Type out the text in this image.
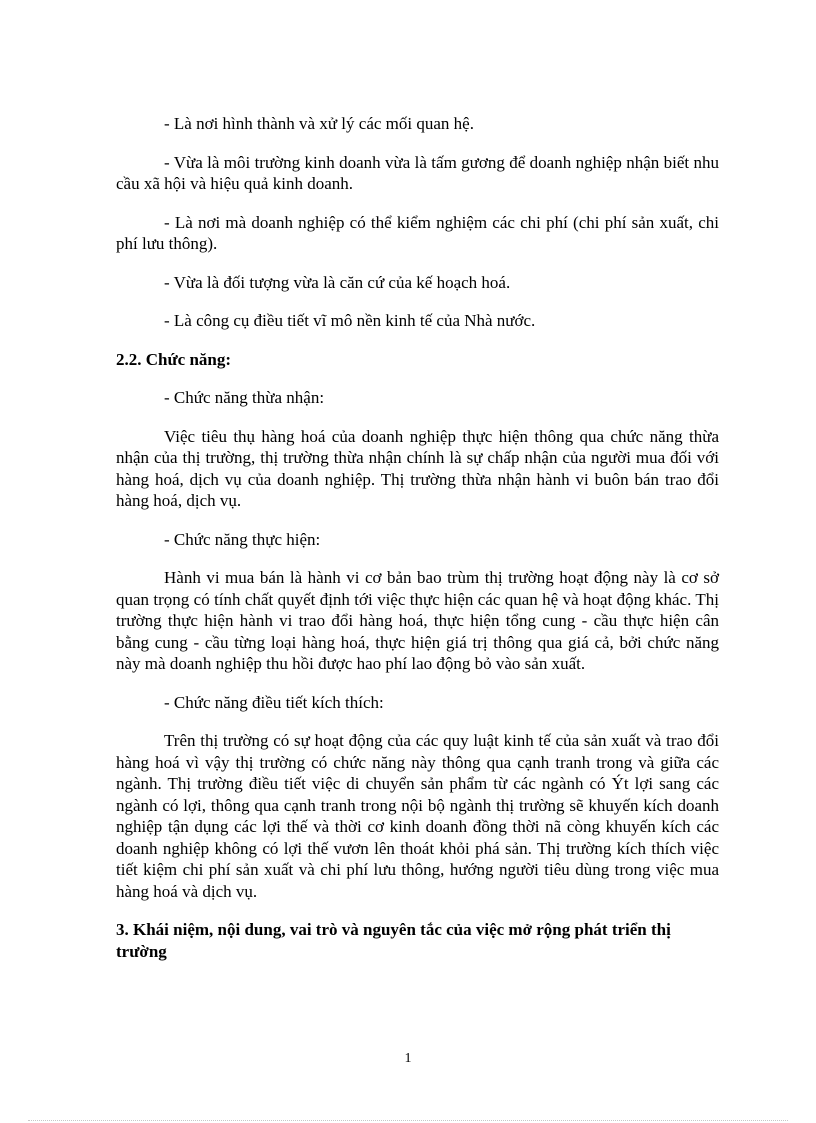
- Là nơi hình thành và xử lý các mối quan hệ.

- Vừa là môi trường kinh doanh vừa là tấm gương để doanh nghiệp nhận biết nhu cầu xã hội và hiệu quả kinh doanh.

- Là nơi mà doanh nghiệp có thể kiểm nghiệm các chi phí (chi phí sản xuất, chi phí lưu thông).

- Vừa là đối tượng vừa là căn cứ của kế hoạch hoá.

- Là công cụ điều tiết vĩ mô nền kinh tế của Nhà nước.

2.2. Chức năng:

- Chức năng thừa nhận:

Việc tiêu thụ hàng hoá của doanh nghiệp thực hiện thông qua chức năng thừa nhận của thị trường, thị trường thừa nhận chính là sự chấp nhận của người mua đối với hàng hoá, dịch vụ của doanh nghiệp. Thị trường thừa nhận hành vi buôn bán trao đổi hàng hoá, dịch vụ.

- Chức năng thực hiện:

Hành vi mua bán là hành vi cơ bản bao trùm thị trường hoạt động này là cơ sở quan trọng có tính chất quyết định tới việc thực hiện các quan hệ và hoạt động khác. Thị trường thực hiện hành vi trao đổi hàng hoá, thực hiện tổng cung - cầu thực hiện cân bằng cung - cầu từng loại hàng hoá, thực hiện giá trị thông qua giá cả, bởi chức năng này mà doanh nghiệp thu hồi được hao phí lao động bỏ vào sản xuất.

- Chức năng điều tiết kích thích:

Trên thị trường có sự hoạt động của các quy luật kinh tế của sản xuất và trao đổi hàng hoá vì vậy thị trường có chức năng này thông qua cạnh tranh trong và giữa các ngành. Thị trường điều tiết việc di chuyển sản phẩm từ các ngành có Ýt lợi sang các ngành có lợi, thông qua cạnh tranh trong nội bộ ngành thị trường sẽ khuyến kích doanh nghiệp tận dụng các lợi thế và thời cơ kinh doanh đồng thời nã còng khuyến kích các doanh nghiệp không có lợi thế vươn lên thoát khỏi phá sản. Thị trường kích thích việc tiết kiệm chi phí sản xuất và chi phí lưu thông, hướng người tiêu dùng trong việc mua hàng hoá và dịch vụ.

3. Khái niệm, nội dung, vai trò và nguyên tắc của việc mở rộng phát triển thị trường
1
